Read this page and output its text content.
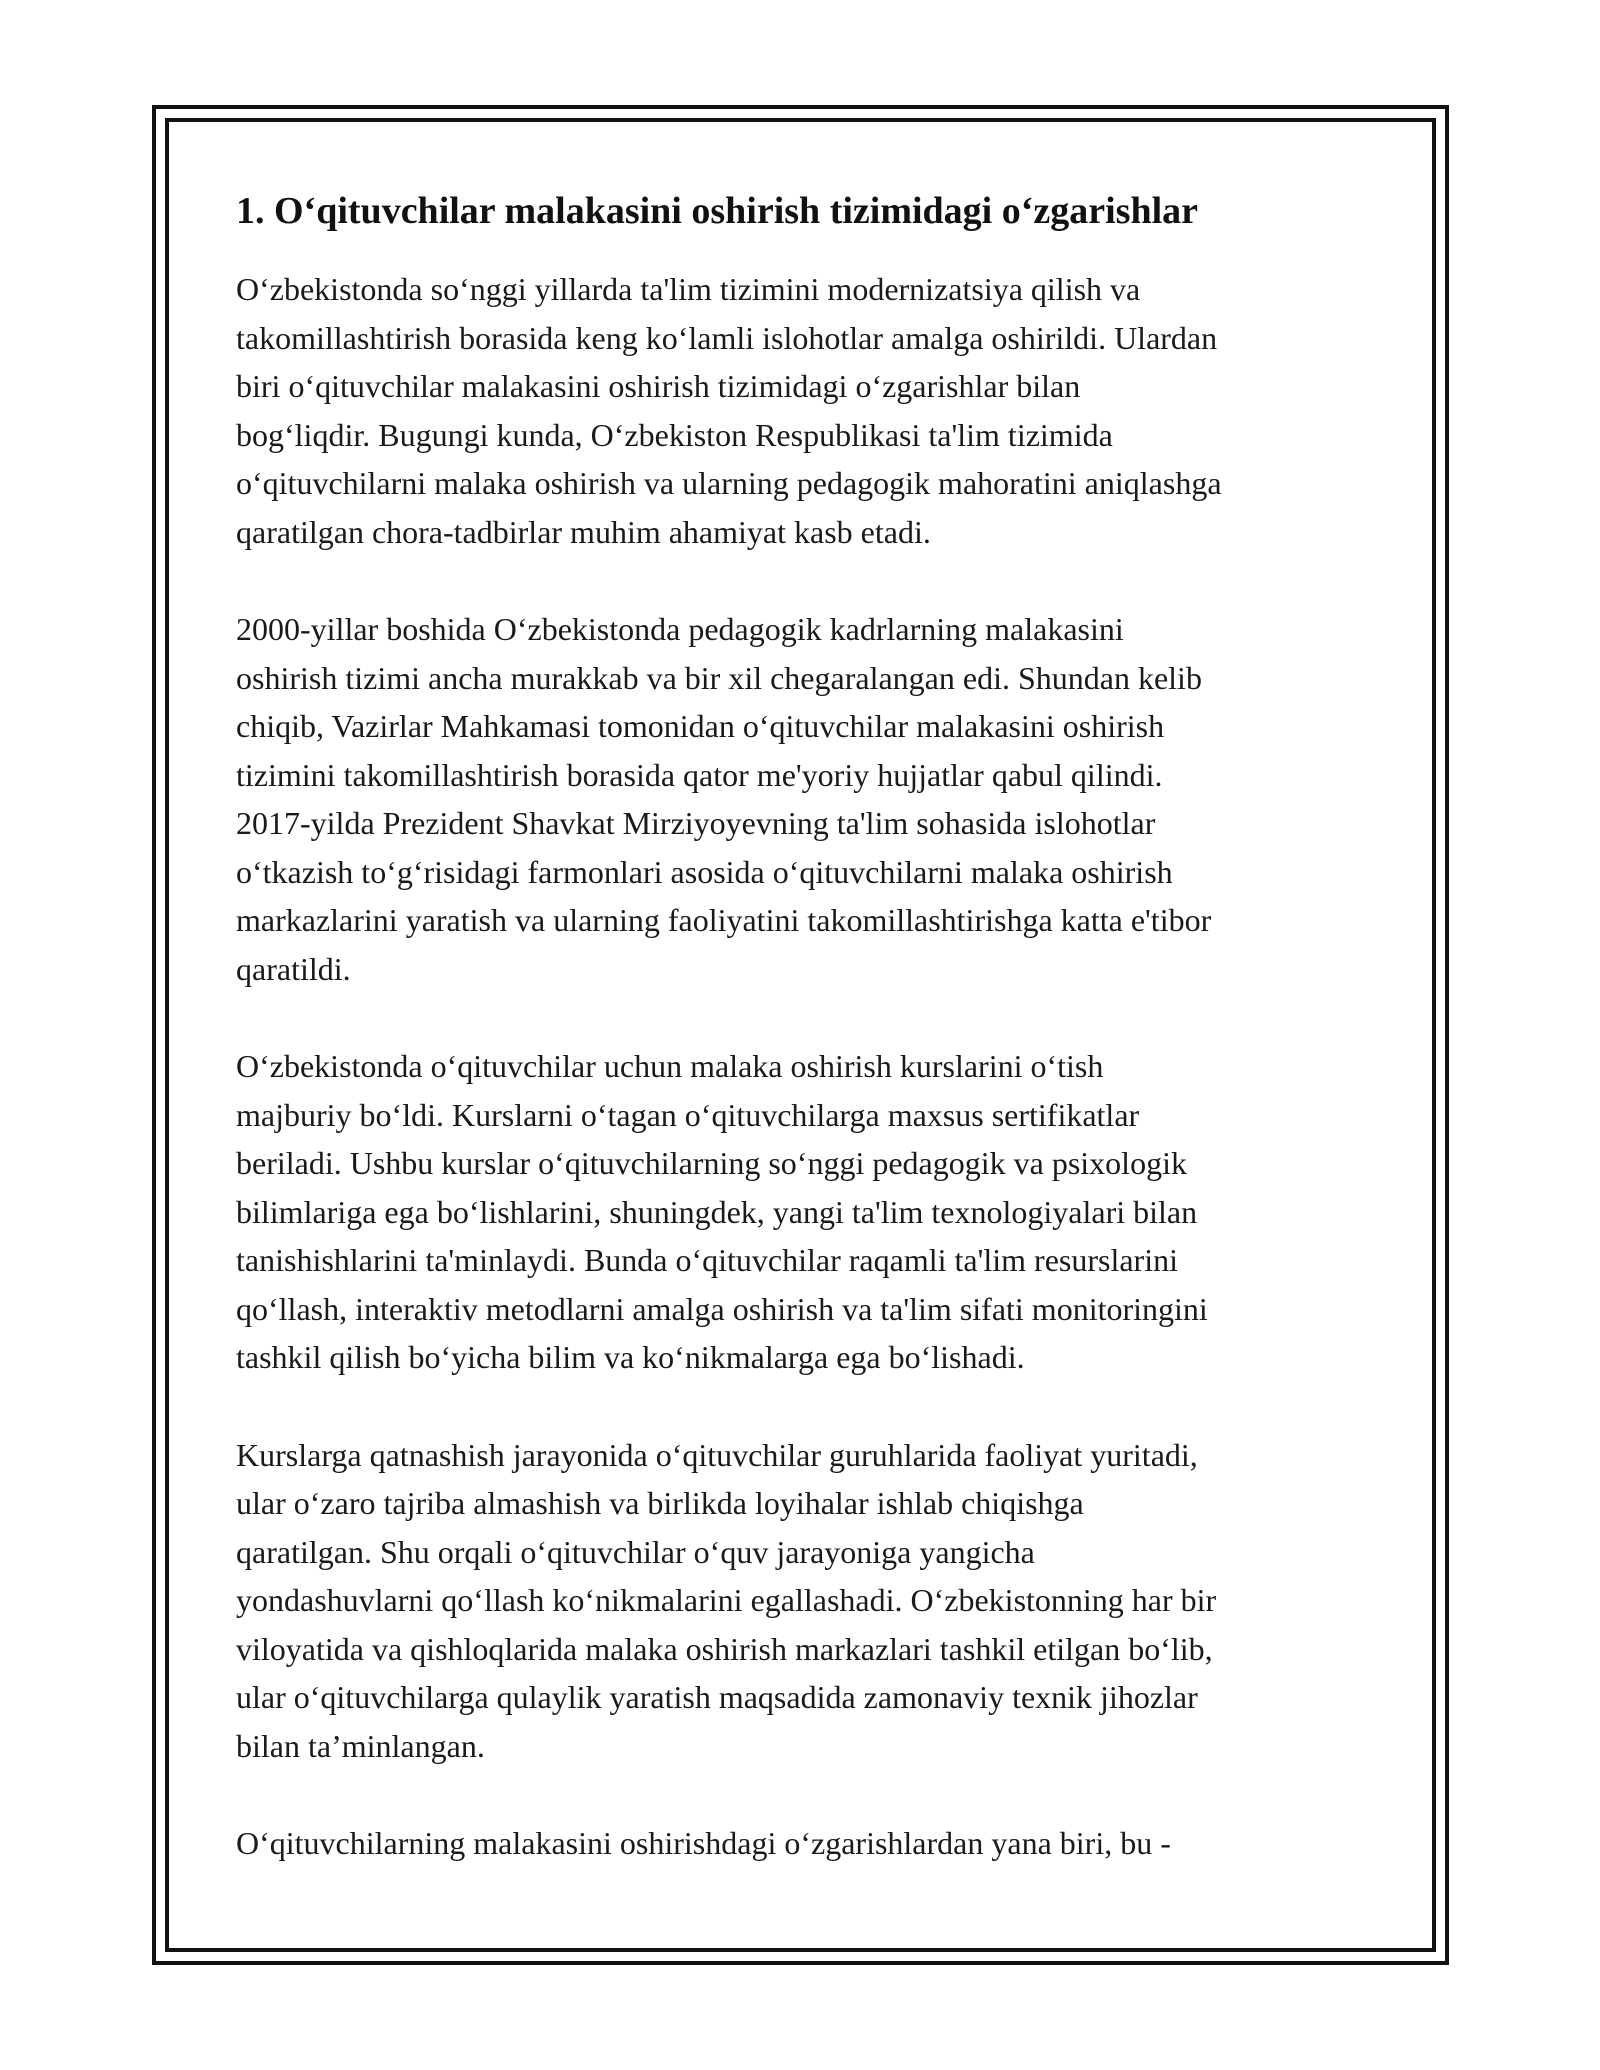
1. O‘qituvchilar malakasini oshirish tizimidagi o‘zgarishlar
O‘zbekistonda so‘nggi yillarda ta'lim tizimini modernizatsiya qilish va
takomillashtirish borasida keng ko‘lamli islohotlar amalga oshirildi. Ulardan
biri o‘qituvchilar malakasini oshirish tizimidagi o‘zgarishlar bilan
bog‘liqdir. Bugungi kunda, O‘zbekiston Respublikasi ta'lim tizimida
o‘qituvchilarni malaka oshirish va ularning pedagogik mahoratini aniqlashga
qaratilgan chora-tadbirlar muhim ahamiyat kasb etadi.
2000-yillar boshida O‘zbekistonda pedagogik kadrlarning malakasini
oshirish tizimi ancha murakkab va bir xil chegaralangan edi. Shundan kelib
chiqib, Vazirlar Mahkamasi tomonidan o‘qituvchilar malakasini oshirish
tizimini takomillashtirish borasida qator me'yoriy hujjatlar qabul qilindi.
2017-yilda Prezident Shavkat Mirziyoyevning ta'lim sohasida islohotlar
o‘tkazish to‘g‘risidagi farmonlari asosida o‘qituvchilarni malaka oshirish
markazlarini yaratish va ularning faoliyatini takomillashtirishga katta e'tibor
qaratildi.
O‘zbekistonda o‘qituvchilar uchun malaka oshirish kurslarini o‘tish
majburiy bo‘ldi. Kurslarni o‘tagan o‘qituvchilarga maxsus sertifikatlar
beriladi. Ushbu kurslar o‘qituvchilarning so‘nggi pedagogik va psixologik
bilimlariga ega bo‘lishlarini, shuningdek, yangi ta'lim texnologiyalari bilan
tanishishlarini ta'minlaydi. Bunda o‘qituvchilar raqamli ta'lim resurslarini
qo‘llash, interaktiv metodlarni amalga oshirish va ta'lim sifati monitoringini
tashkil qilish bo‘yicha bilim va ko‘nikmalarga ega bo‘lishadi.
Kurslarga qatnashish jarayonida o‘qituvchilar guruhlarida faoliyat yuritadi,
ular o‘zaro tajriba almashish va birlikda loyihalar ishlab chiqishga
qaratilgan. Shu orqali o‘qituvchilar o‘quv jarayoniga yangicha
yondashuvlarni qo‘llash ko‘nikmalarini egallashadi. O‘zbekistonning har bir
viloyatida va qishloqlarida malaka oshirish markazlari tashkil etilgan bo‘lib,
ular o‘qituvchilarga qulaylik yaratish maqsadida zamonaviy texnik jihozlar
bilan ta’minlangan.
O‘qituvchilarning malakasini oshirishdagi o‘zgarishlardan yana biri, bu -
